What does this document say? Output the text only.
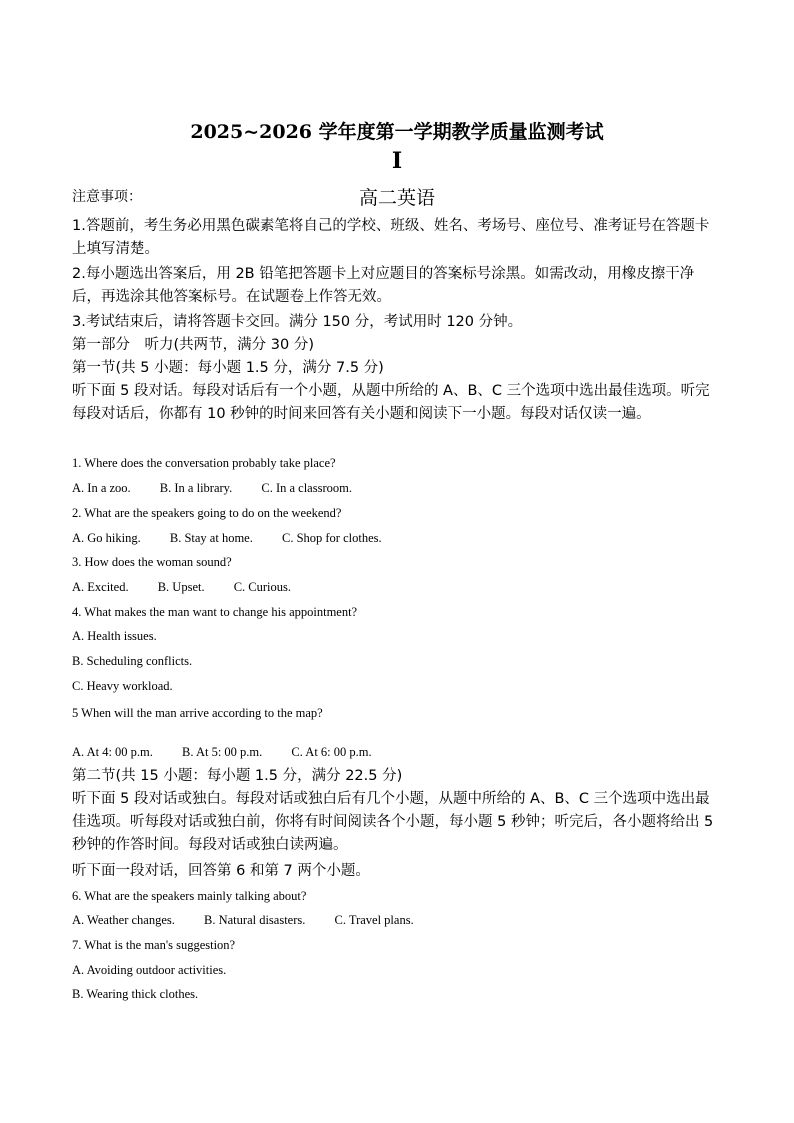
2025~2026 学年度第一学期教学质量监测考试
I
注意事项：	高二英语
1.答题前，考生务必用黑色碳素笔将自己的学校、班级、姓名、考场号、座位号、准考证号在答题卡上填写清楚。
2.每小题选出答案后，用 2B 铅笔把答题卡上对应题目的答案标号涂黑。如需改动，用橡皮擦干净后，再选涂其他答案标号。在试题卷上作答无效。
3.考试结束后，请将答题卡交回。满分 150 分，考试用时 120 分钟。
第一部分　听力(共两节，满分 30 分)
第一节(共 5 小题：每小题 1.5 分，满分 7.5 分)
听下面 5 段对话。每段对话后有一个小题，从题中所给的 A、B、C 三个选项中选出最佳选项。听完每段对话后，你都有 10 秒钟的时间来回答有关小题和阅读下一小题。每段对话仅读一遍。
1. Where does the conversation probably take place?
A. In a zoo. B. In a library. C. In a classroom.
2. What are the speakers going to do on the weekend?
A. Go hiking. B. Stay at home. C. Shop for clothes.
3. How does the woman sound?
A. Excited. B. Upset. C. Curious.
4. What makes the man want to change his appointment?
A. Health issues.
B. Scheduling conflicts.
C. Heavy workload.
5 When will the man arrive according to the map?
A. At 4: 00 p.m. B. At 5: 00 p.m. C. At 6: 00 p.m.
第二节(共 15 小题：每小题 1.5 分，满分 22.5 分)
听下面 5 段对话或独白。每段对话或独白后有几个小题，从题中所给的 A、B、C 三个选项中选出最佳选项。听每段对话或独白前，你将有时间阅读各个小题，每小题 5 秒钟；听完后，各小题将给出 5 秒钟的作答时间。每段对话或独白读两遍。
听下面一段对话，回答第 6 和第 7 两个小题。
6. What are the speakers mainly talking about?
A. Weather changes. B. Natural disasters. C. Travel plans.
7. What is the man's suggestion?
A. Avoiding outdoor activities.
B. Wearing thick clothes.
